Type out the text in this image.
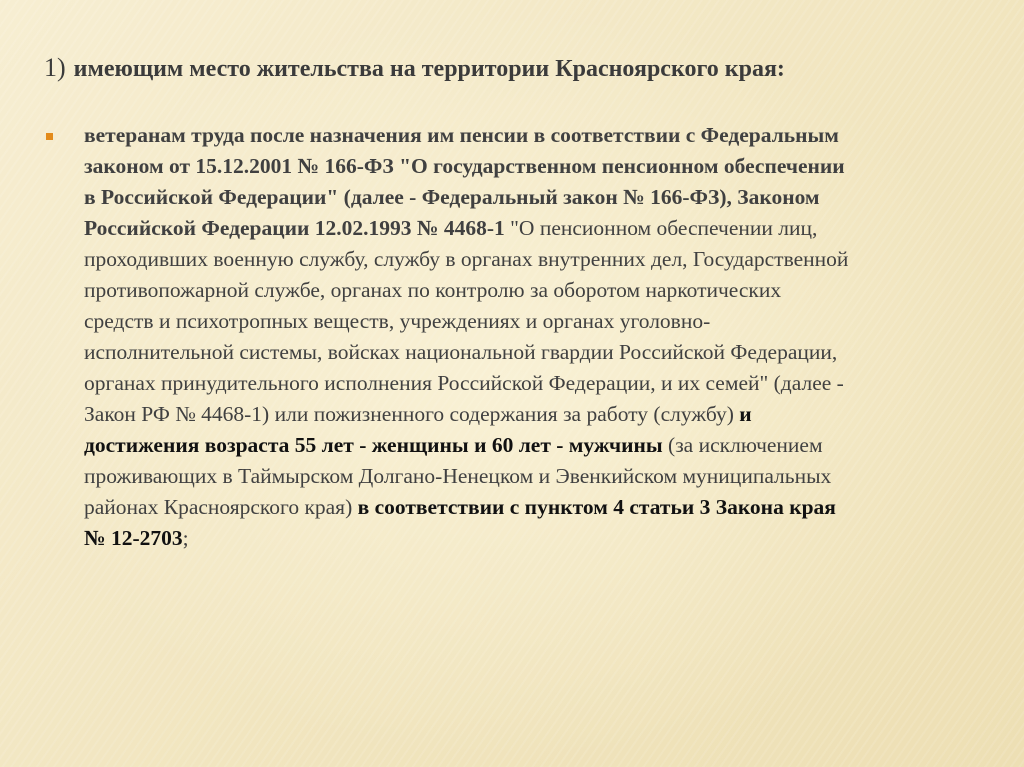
1) имеющим место жительства на территории Красноярского края:

ветеранам труда после назначения им пенсии в соответствии с Федеральным
законом от 15.12.2001 № 166-ФЗ "О государственном пенсионном обеспечении
в Российской Федерации" (далее - Федеральный закон № 166-ФЗ), Законом
Российской Федерации 12.02.1993 № 4468-1 "О пенсионном обеспечении лиц,
проходивших военную службу, службу в органах внутренних дел, Государственной
противопожарной службе, органах по контролю за оборотом наркотических
средств и психотропных веществ, учреждениях и органах уголовно-
исполнительной системы, войсках национальной гвардии Российской Федерации,
органах принудительного исполнения Российской Федерации, и их семей" (далее -
Закон РФ № 4468-1) или пожизненного содержания за работу (службу) и
достижения возраста 55 лет - женщины и 60 лет - мужчины (за исключением
проживающих в Таймырском Долгано-Ненецком и Эвенкийском муниципальных
районах Красноярского края) в соответствии с пунктом 4 статьи 3 Закона края
№ 12-2703;
